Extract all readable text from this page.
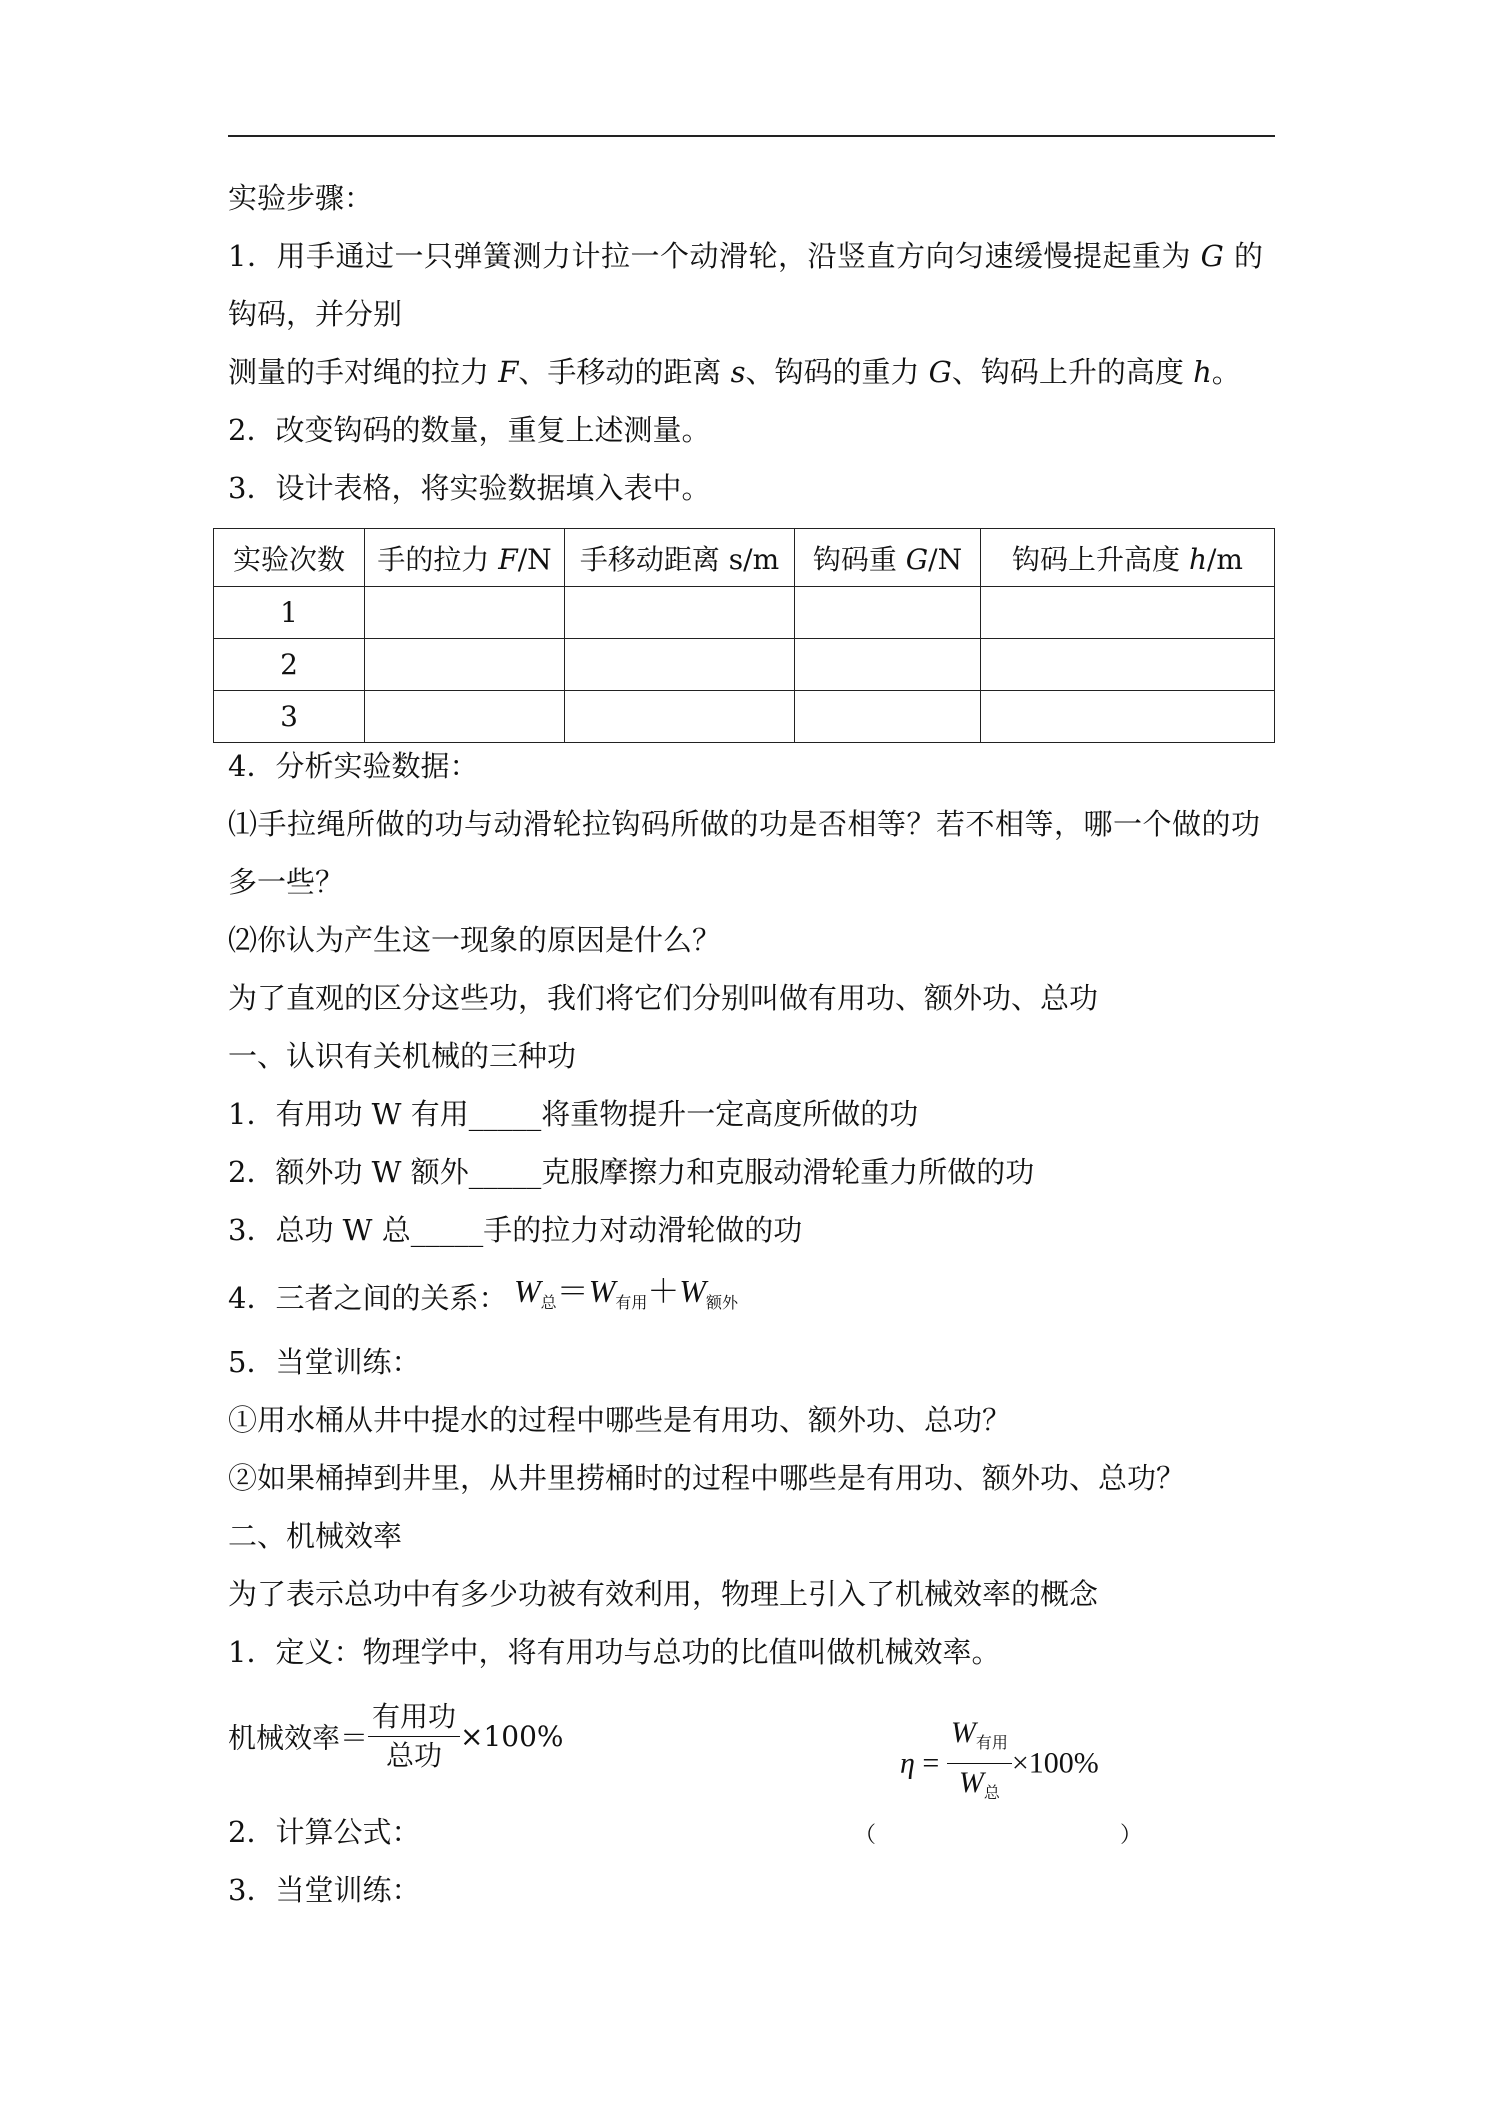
实验步骤：
1．用手通过一只弹簧测力计拉一个动滑轮，沿竖直方向匀速缓慢提起重为 G 的
钩码，并分别
测量的手对绳的拉力 F、手移动的距离 s、钩码的重力 G、钩码上升的高度 h。
2．改变钩码的数量，重复上述测量。
3．设计表格，将实验数据填入表中。
实验次数	手的拉力 F/N	手移动距离 s/m	钩码重 G/N	钩码上升高度 h/m
1				
2				
3				
4．分析实验数据：
⑴手拉绳所做的功与动滑轮拉钩码所做的功是否相等？若不相等，哪一个做的功
多一些？
⑵你认为产生这一现象的原因是什么？
为了直观的区分这些功，我们将它们分别叫做有用功、额外功、总功
一、认识有关机械的三种功
1．有用功 W 有用_____将重物提升一定高度所做的功
2．额外功 W 额外_____克服摩擦力和克服动滑轮重力所做的功
3．总功 W 总_____手的拉力对动滑轮做的功
4．三者之间的关系： $W_总=W_{有用}+W_{额外}$
5．当堂训练：
①用水桶从井中提水的过程中哪些是有用功、额外功、总功？
②如果桶掉到井里，从井里捞桶时的过程中哪些是有用功、额外功、总功？
二、机械效率
为了表示总功中有多少功被有效利用，物理上引入了机械效率的概念
1．定义：物理学中，将有用功与总功的比值叫做机械效率。
机械效率＝ $\frac{\text{有用功}}{\text{总功}} \times 100\%$
$\eta = \frac{W_{有用}}{W_总} \times 100\%$
2．计算公式：	（	）
3．当堂训练：
